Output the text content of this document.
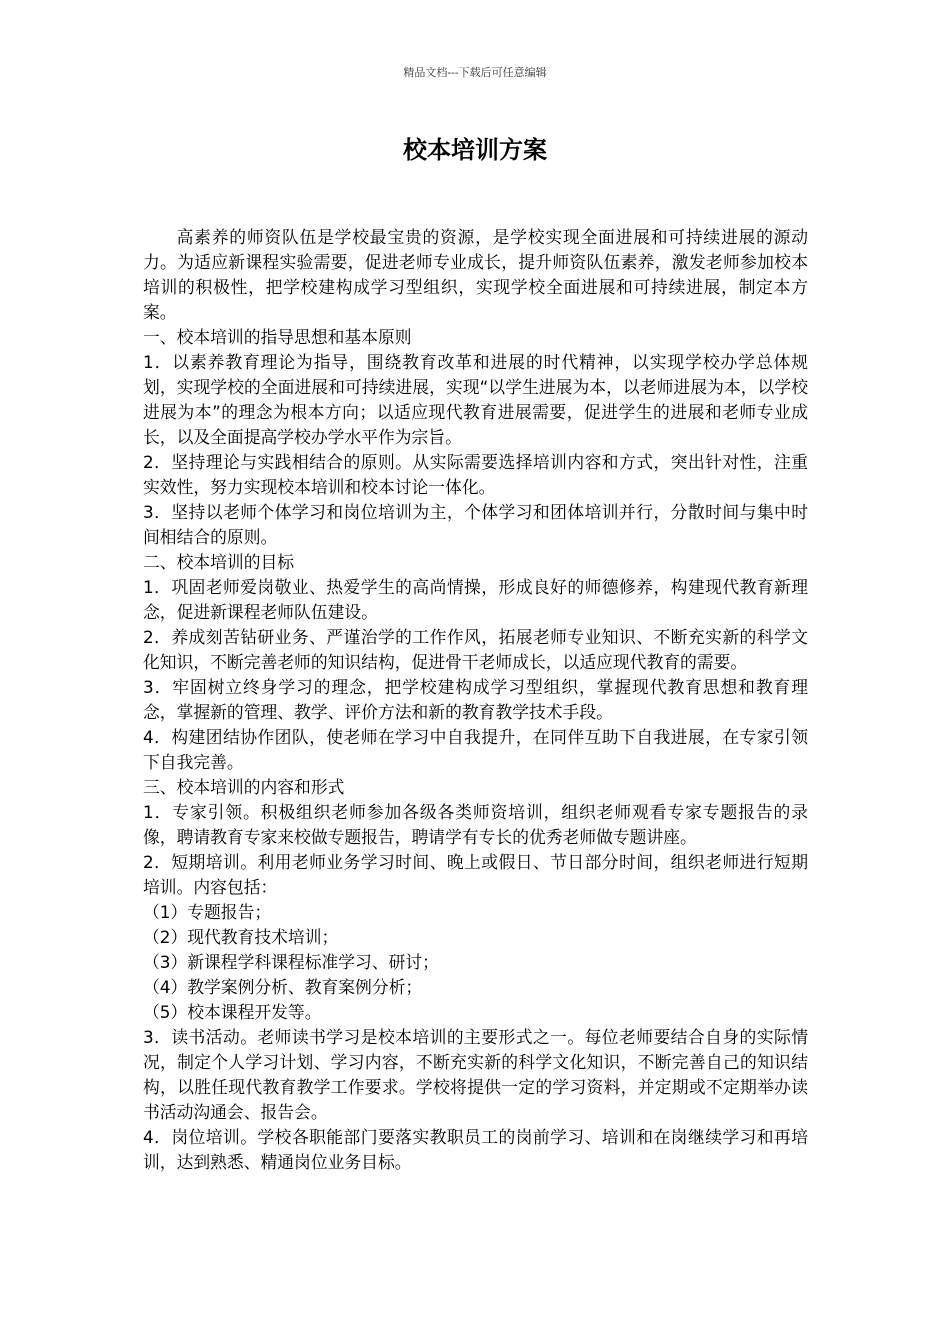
精品文档---下载后可任意编辑
校本培训方案

高素养的师资队伍是学校最宝贵的资源，是学校实现全面进展和可持续进展的源动力。为适应新课程实验需要，促进老师专业成长，提升师资队伍素养，激发老师参加校本培训的积极性，把学校建构成学习型组织，实现学校全面进展和可持续进展，制定本方案。

一、校本培训的指导思想和基本原则

1．以素养教育理论为指导，围绕教育改革和进展的时代精神，以实现学校办学总体规划，实现学校的全面进展和可持续进展，实现“以学生进展为本，以老师进展为本，以学校进展为本”的理念为根本方向；以适应现代教育进展需要，促进学生的进展和老师专业成长，以及全面提高学校办学水平作为宗旨。

2．坚持理论与实践相结合的原则。从实际需要选择培训内容和方式，突出针对性，注重实效性，努力实现校本培训和校本讨论一体化。

3．坚持以老师个体学习和岗位培训为主，个体学习和团体培训并行，分散时间与集中时间相结合的原则。

二、校本培训的目标

1．巩固老师爱岗敬业、热爱学生的高尚情操，形成良好的师德修养，构建现代教育新理念，促进新课程老师队伍建设。

2．养成刻苦钻研业务、严谨治学的工作作风，拓展老师专业知识、不断充实新的科学文化知识，不断完善老师的知识结构，促进骨干老师成长，以适应现代教育的需要。

3．牢固树立终身学习的理念，把学校建构成学习型组织，掌握现代教育思想和教育理念，掌握新的管理、教学、评价方法和新的教育教学技术手段。

4．构建团结协作团队，使老师在学习中自我提升，在同伴互助下自我进展，在专家引领下自我完善。

三、校本培训的内容和形式

1．专家引领。积极组织老师参加各级各类师资培训，组织老师观看专家专题报告的录像，聘请教育专家来校做专题报告，聘请学有专长的优秀老师做专题讲座。

2．短期培训。利用老师业务学习时间、晚上或假日、节日部分时间，组织老师进行短期培训。内容包括：

（1）专题报告；

（2）现代教育技术培训；

（3）新课程学科课程标准学习、研讨；

（4）教学案例分析、教育案例分析；

（5）校本课程开发等。

3．读书活动。老师读书学习是校本培训的主要形式之一。每位老师要结合自身的实际情况，制定个人学习计划、学习内容，不断充实新的科学文化知识，不断完善自己的知识结构，以胜任现代教育教学工作要求。学校将提供一定的学习资料，并定期或不定期举办读书活动沟通会、报告会。

4．岗位培训。学校各职能部门要落实教职员工的岗前学习、培训和在岗继续学习和再培训，达到熟悉、精通岗位业务目标。
